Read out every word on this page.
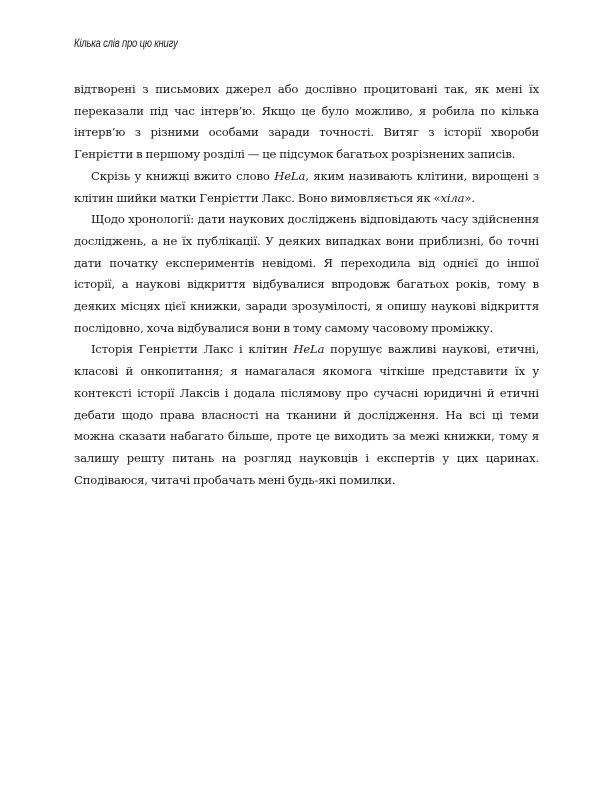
Кілька слів про цю книгу

відтворені з письмових джерел або дослівно процитовані так, як мені їх переказали під час інтерв’ю. Якщо це було можливо, я робила по кілька інтерв’ю з різними особами заради точності. Витяг з історії хвороби Генрієтти в першому розділі — це підсумок багатьох розрізнених записів.

Скрізь у книжці вжито слово HeLa, яким називають клітини, вирощені з клітин шийки матки Генрієтти Лакс. Воно вимовляється як «хіла».

Щодо хронології: дати наукових досліджень відповідають часу здійснення досліджень, а не їх публікації. У деяких випадках вони приблизні, бо точні дати початку експериментів невідомі. Я переходила від однієї до іншої історії, а наукові відкриття відбувалися впродовж багатьох років, тому в деяких місцях цієї книжки, заради зрозумілості, я опишу наукові відкриття послідовно, хоча відбувалися вони в тому самому часовому проміжку.

Історія Генрієтти Лакс і клітин HeLa порушує важливі наукові, етичні, класові й онкопитання; я намагалася якомога чіткіше представити їх у контексті історії Лаксів і додала післямову про сучасні юридичні й етичні дебати щодо права власності на тканини й дослідження. На всі ці теми можна сказати набагато більше, проте це виходить за межі книжки, тому я залишу решту питань на розгляд науковців і експертів у цих царинах. Сподіваюся, читачі пробачать мені будь-які помилки.
